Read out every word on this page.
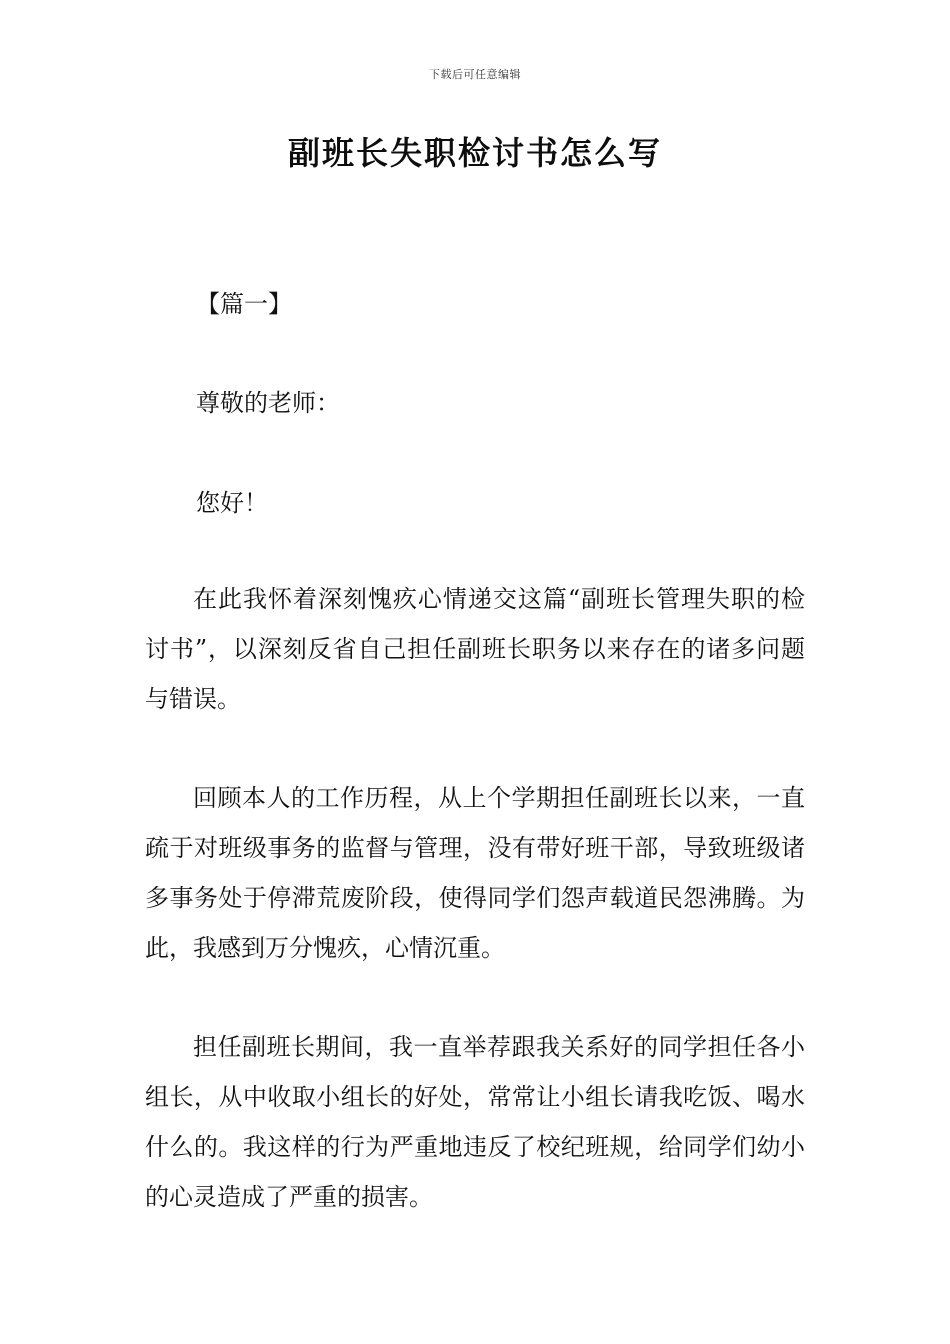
下载后可任意编辑
副班长失职检讨书怎么写
【篇一】
尊敬的老师：
您好！

在此我怀着深刻愧疚心情递交这篇“副班长管理失职的检讨书”，以深刻反省自己担任副班长职务以来存在的诸多问题与错误。

回顾本人的工作历程，从上个学期担任副班长以来，一直疏于对班级事务的监督与管理，没有带好班干部，导致班级诸多事务处于停滞荒废阶段，使得同学们怨声载道民怨沸腾。为此，我感到万分愧疚，心情沉重。

担任副班长期间，我一直举荐跟我关系好的同学担任各小组长，从中收取小组长的好处，常常让小组长请我吃饭、喝水什么的。我这样的行为严重地违反了校纪班规，给同学们幼小的心灵造成了严重的损害。
